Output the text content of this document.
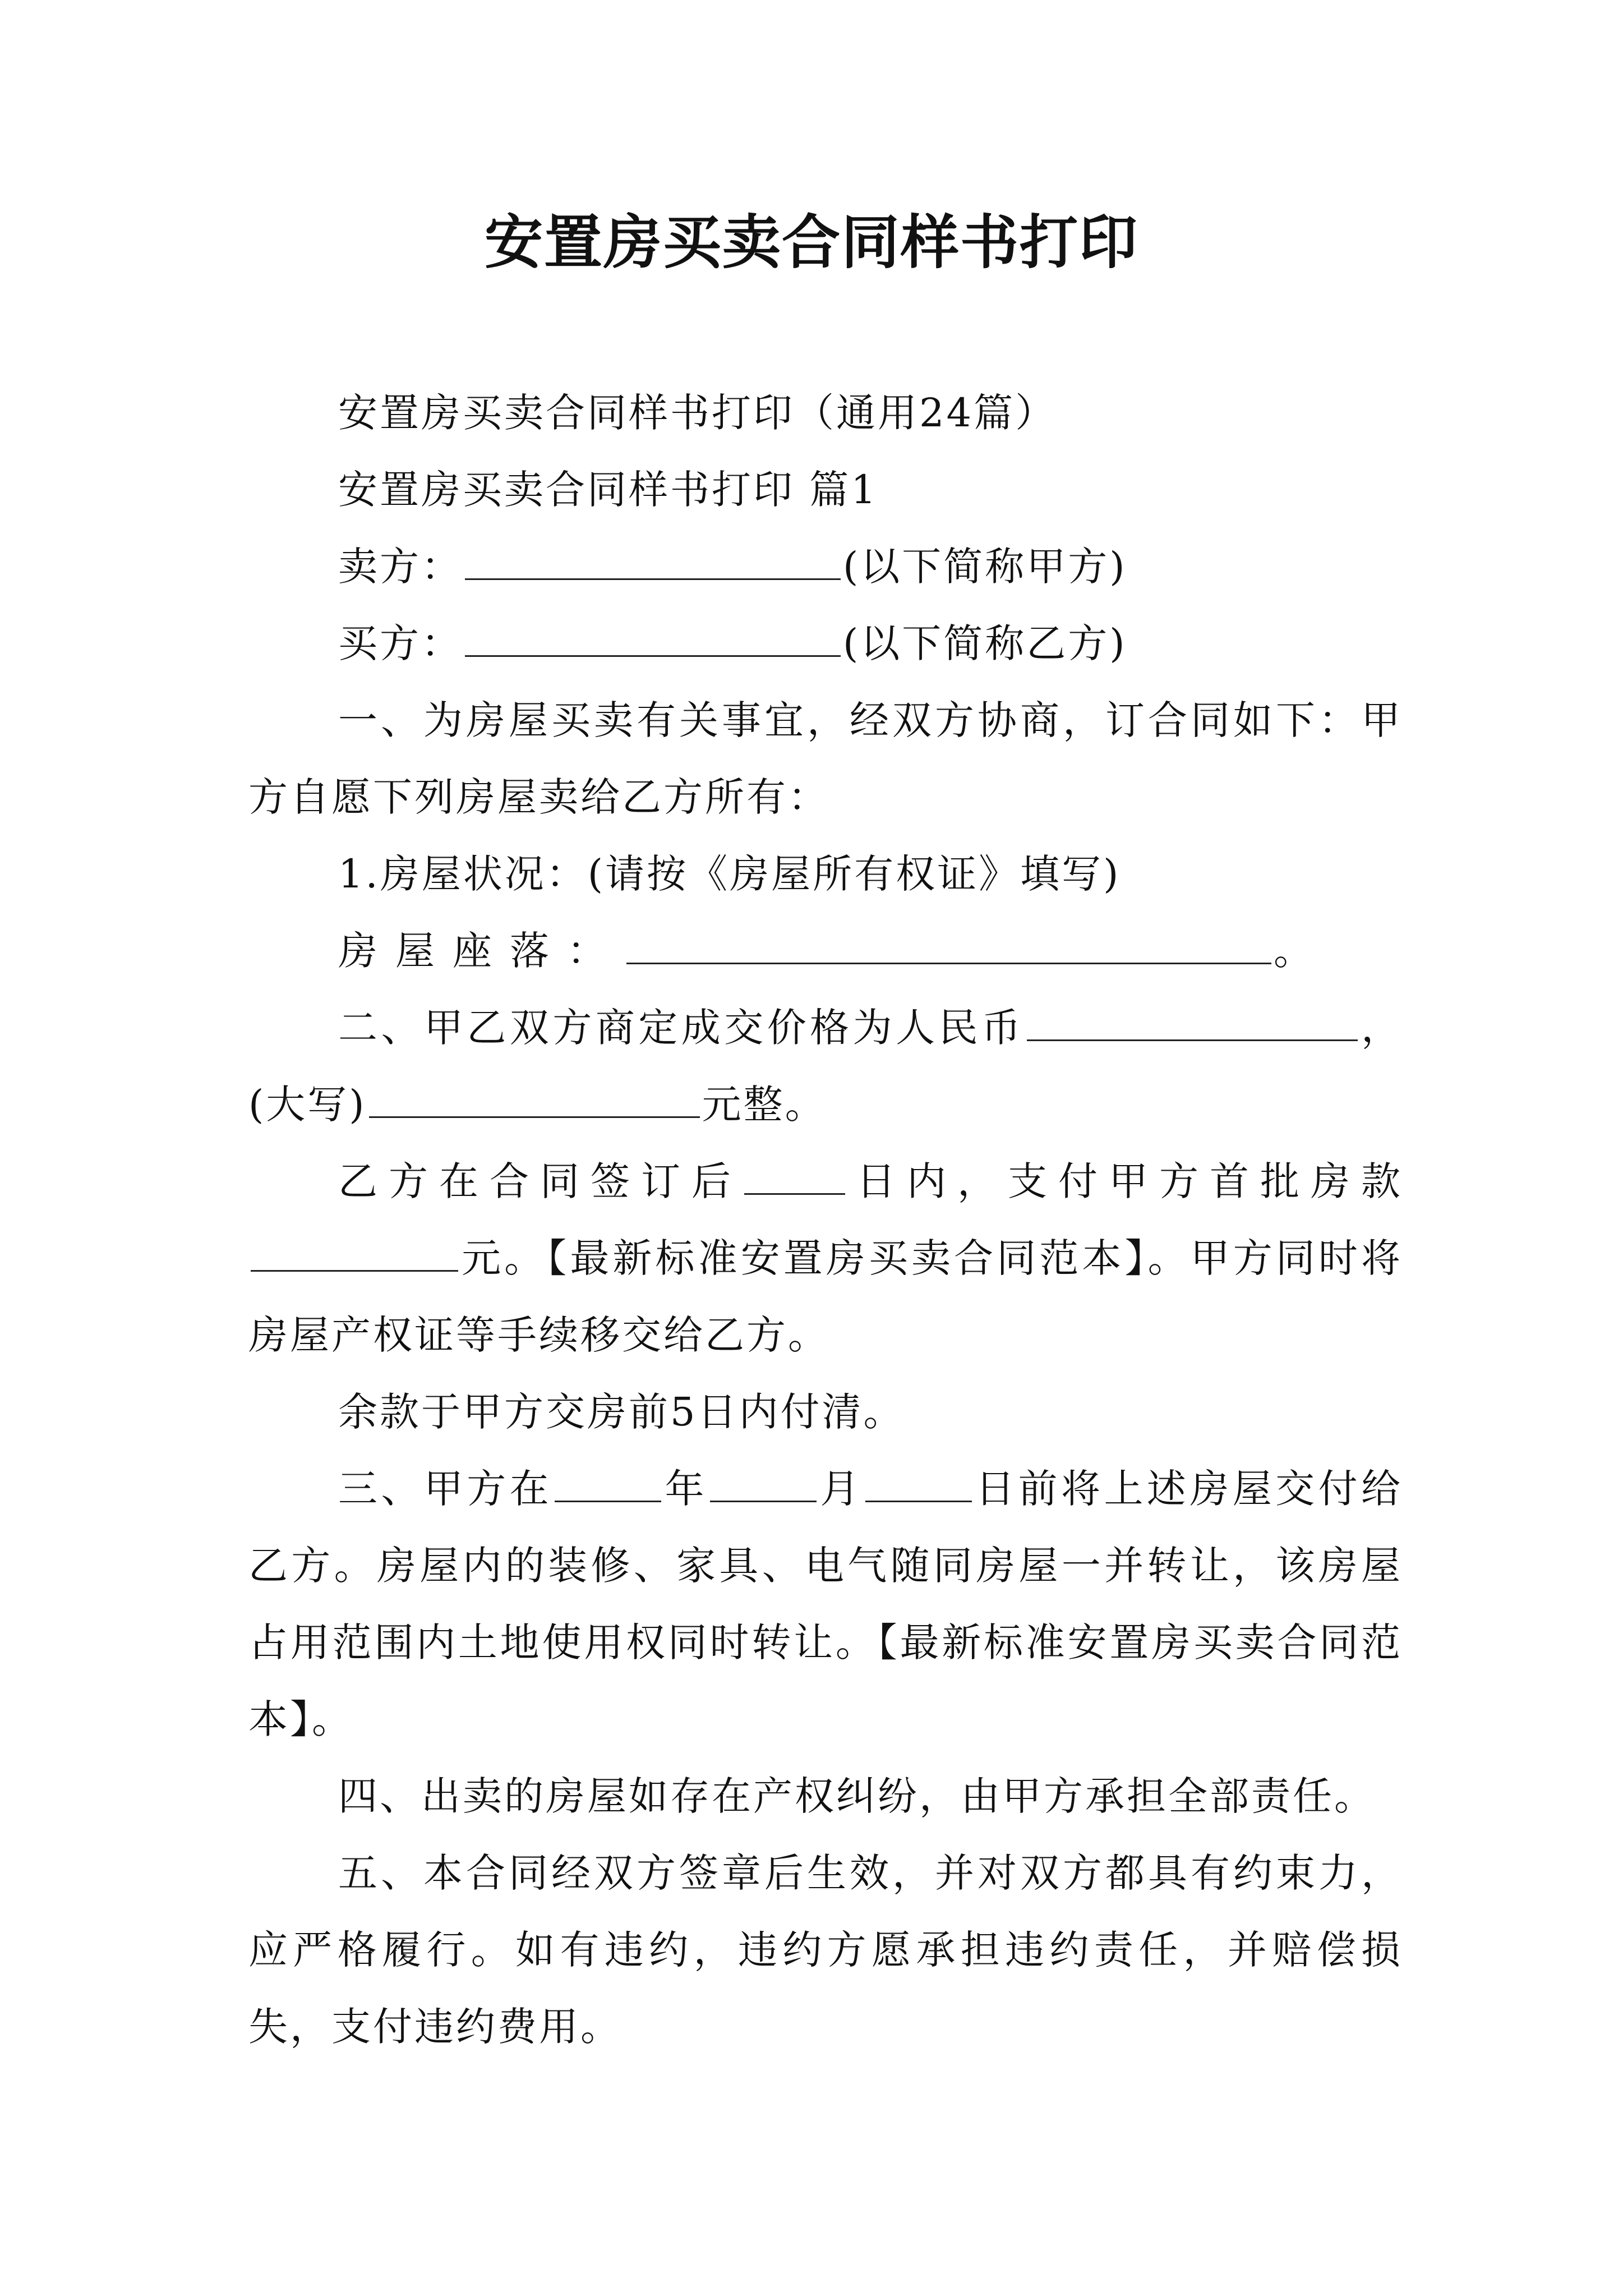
安置房买卖合同样书打印

安置房买卖合同样书打印（通用24篇）

安置房买卖合同样书打印 篇1

卖方：	(以下简称甲方)

买方：	(以下简称乙方)

一、为房屋买卖有关事宜，经双方协商，订合同如下：甲方自愿下列房屋卖给乙方所有：

1.房屋状况：(请按《房屋所有权证》填写)

房屋座落：	。

二、甲乙双方商定成交价格为人民币	，(大写)	元整。

乙方在合同签订后	日内，支付甲方首批房款元。【最新标准安置房买卖合同范本】。甲方同时将房屋产权证等手续移交给乙方。

余款于甲方交房前5日内付清。

三、甲方在	年	月	日前将上述房屋交付给乙方。房屋内的装修、家具、电气随同房屋一并转让，该房屋占用范围内土地使用权同时转让。【最新标准安置房买卖合同范本】。

四、出卖的房屋如存在产权纠纷，由甲方承担全部责任。

五、本合同经双方签章后生效，并对双方都具有约束力，应严格履行。如有违约，违约方愿承担违约责任，并赔偿损失，支付违约费用。
